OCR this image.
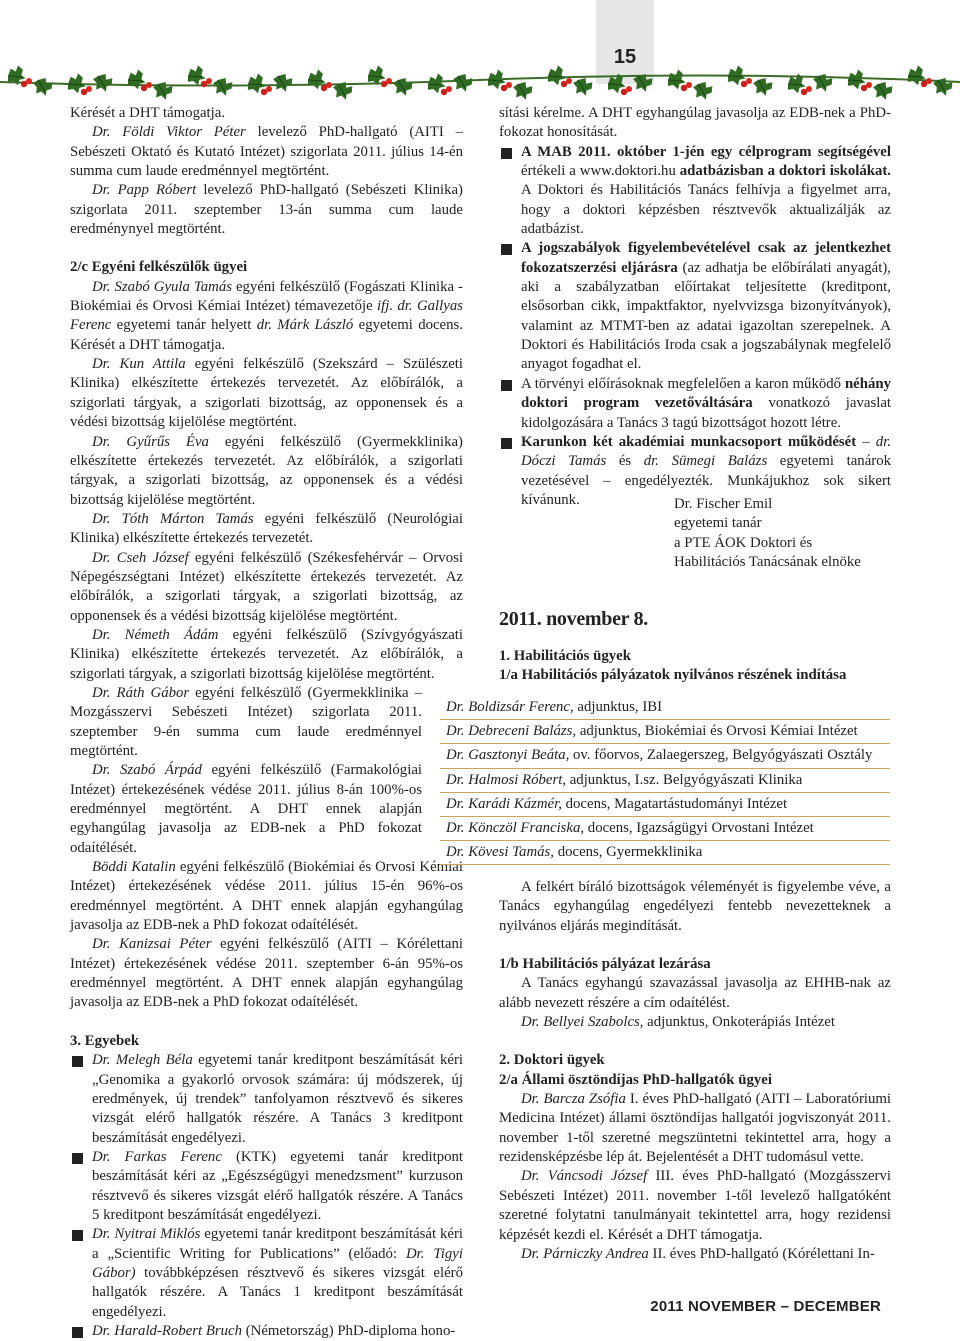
15

Kérését a DHT támogatja.

Dr. Földi Viktor Péter levelező PhD-hallgató (AITI – Sebészeti Oktató és Kutató Intézet) szigorlata 2011. július 14-én summa cum laude eredménnyel megtörtént.

Dr. Papp Róbert levelező PhD-hallgató (Sebészeti Klinika) szigorlata 2011. szeptember 13-án summa cum laude eredménynyel megtörtént.

2/c Egyéni felkészülők ügyei

Dr. Szabó Gyula Tamás egyéni felkészülő (Fogászati Klinika - Biokémiai és Orvosi Kémiai Intézet) témavezetője ifj. dr. Gallyas Ferenc egyetemi tanár helyett dr. Márk László egyetemi docens. Kérését a DHT támogatja.

Dr. Kun Attila egyéni felkészülő (Szekszárd – Szülészeti Klinika) elkészítette értekezés tervezetét. Az előbírálók, a szigorlati tárgyak, a szigorlati bizottság, az opponensek és a védési bizottság kijelölése megtörtént.

Dr. Gyűrűs Éva egyéni felkészülő (Gyermekklinika) elkészítette értekezés tervezetét. Az előbírálók, a szigorlati tárgyak, a szigorlati bizottság, az opponensek és a védési bizottság kijelölése megtörtént.

Dr. Tóth Márton Tamás egyéni felkészülő (Neurológiai Klinika) elkészítette értekezés tervezetét.

Dr. Cseh József egyéni felkészülő (Székesfehérvár – Orvosi Népegészségtani Intézet) elkészítette értekezés tervezetét. Az előbírálók, a szigorlati tárgyak, a szigorlati bizottság, az opponensek és a védési bizottság kijelölése megtörtént.

Dr. Németh Ádám egyéni felkészülő (Szívgyógyászati Klinika) elkészítette értekezés tervezetét. Az előbírálók, a szigorlati tárgyak, a szigorlati bizottság kijelölése megtörtént.

Dr. Ráth Gábor egyéni felkészülő (Gyermekklinika – Mozgásszervi Sebészeti Intézet) szigorlata 2011. szeptember 9-én summa cum laude eredménnyel megtörtént.

Dr. Szabó Árpád egyéni felkészülő (Farmakológiai Intézet) értekezésének védése 2011. július 8-án 100%-os eredménnyel megtörtént. A DHT ennek alapján egyhangúlag javasolja az EDB-nek a PhD fokozat odaítélését.

Böddi Katalin egyéni felkészülő (Biokémiai és Orvosi Kémiai Intézet) értekezésének védése 2011. július 15-én 96%-os eredménnyel megtörtént. A DHT ennek alapján egyhangúlag javasolja az EDB-nek a PhD fokozat odaítélését.

Dr. Kanizsai Péter egyéni felkészülő (AITI – Kórélettani Intézet) értekezésének védése 2011. szeptember 6-án 95%-os eredménnyel megtörtént. A DHT ennek alapján egyhangúlag javasolja az EDB-nek a PhD fokozat odaítélését.

3. Egyebek

Dr. Melegh Béla egyetemi tanár kreditpont beszámítását kéri „Genomika a gyakorló orvosok számára: új módszerek, új eredmények, új trendek” tanfolyamon résztvevő és sikeres vizsgát elérő hallgatók részére. A Tanács 3 kreditpont beszámítását engedélyezi.

Dr. Farkas Ferenc (KTK) egyetemi tanár kreditpont beszámítását kéri az „Egészségügyi menedzsment” kurzuson résztvevő és sikeres vizsgát elérő hallgatók részére. A Tanács 5 kreditpont beszámítását engedélyezi.

Dr. Nyitrai Miklós egyetemi tanár kreditpont beszámítását kéri a „Scientific Writing for Publications” (előadó: Dr. Tigyi Gábor) továbbképzésen résztvevő és sikeres vizsgát elérő hallgatók részére. A Tanács 1 kreditpont beszámítását engedélyezi.

Dr. Harald-Robert Bruch (Németország) PhD-diploma hono-

sítási kérelme. A DHT egyhangúlag javasolja az EDB-nek a PhD-fokozat honosítását.

A MAB 2011. október 1-jén egy célprogram segítségével értékeli a www.doktori.hu adatbázisban a doktori iskolákat. A Doktori és Habilitációs Tanács felhívja a figyelmet arra, hogy a doktori képzésben résztvevők aktualizálják az adatbázist.

A jogszabályok figyelembevételével csak az jelentkezhet fokozatszerzési eljárásra (az adhatja be előbírálati anyagát), aki a szabályzatban előírtakat teljesítette (kreditpont, elsősorban cikk, impaktfaktor, nyelvvizsga bizonyítványok), valamint az MTMT-ben az adatai igazoltan szerepelnek. A Doktori és Habilitációs Iroda csak a jogszabálynak megfelelő anyagot fogadhat el.

A törvényi előírásoknak megfelelően a karon működő néhány doktori program vezetőváltására vonatkozó javaslat kidolgozására a Tanács 3 tagú bizottságot hozott létre.

Karunkon két akadémiai munkacsoport működését – dr. Dóczi Tamás és dr. Sümegi Balázs egyetemi tanárok vezetésével – engedélyezték. Munkájukhoz sok sikert kívánunk.	Dr. Fischer Emil
egyetemi tanár
a PTE ÁOK Doktori és
Habilitációs Tanácsának elnöke
2011. november 8.
1. Habilitációs ügyek
1/a Habilitációs pályázatok nyilvános részének indítása
Dr. Boldizsár Ferenc, adjunktus, IBI
Dr. Debreceni Balázs, adjunktus, Biokémiai és Orvosi Kémiai Intézet
Dr. Gasztonyi Beáta, ov. főorvos, Zalaegerszeg, Belgyógyászati Osztály
Dr. Halmosi Róbert, adjunktus, I.sz. Belgyógyászati Klinika
Dr. Karádi Kázmér, docens, Magatartástudományi Intézet
Dr. Könczöl Franciska, docens, Igazságügyi Orvostani Intézet
Dr. Kövesi Tamás, docens, Gyermekklinika

A felkért bíráló bizottságok véleményét is figyelembe véve, a Tanács egyhangúlag engedélyezi fentebb nevezetteknek a nyilvános eljárás megindítását.

1/b Habilitációs pályázat lezárása

A Tanács egyhangú szavazással javasolja az EHHB-nak az alább nevezett részére a cím odaítélést.

Dr. Bellyei Szabolcs, adjunktus, Onkoterápiás Intézet

2. Doktori ügyek
2/a Állami ösztöndíjas PhD-hallgatók ügyei

Dr. Barcza Zsófia I. éves PhD-hallgató (AITI – Laboratóriumi Medicina Intézet) állami ösztöndíjas hallgatói jogviszonyát 2011. november 1-től szeretné megszüntetni tekintettel arra, hogy a rezidensképzésbe lép át. Bejelentését a DHT tudomásul vette.

Dr. Váncsodi József III. éves PhD-hallgató (Mozgásszervi Sebészeti Intézet) 2011. november 1-től levelező hallgatóként szeretné folytatni tanulmányait tekintettel arra, hogy rezidensi képzését kezdi el. Kérését a DHT támogatja.

Dr. Párniczky Andrea II. éves PhD-hallgató (Kórélettani In-

2011 NOVEMBER – DECEMBER
